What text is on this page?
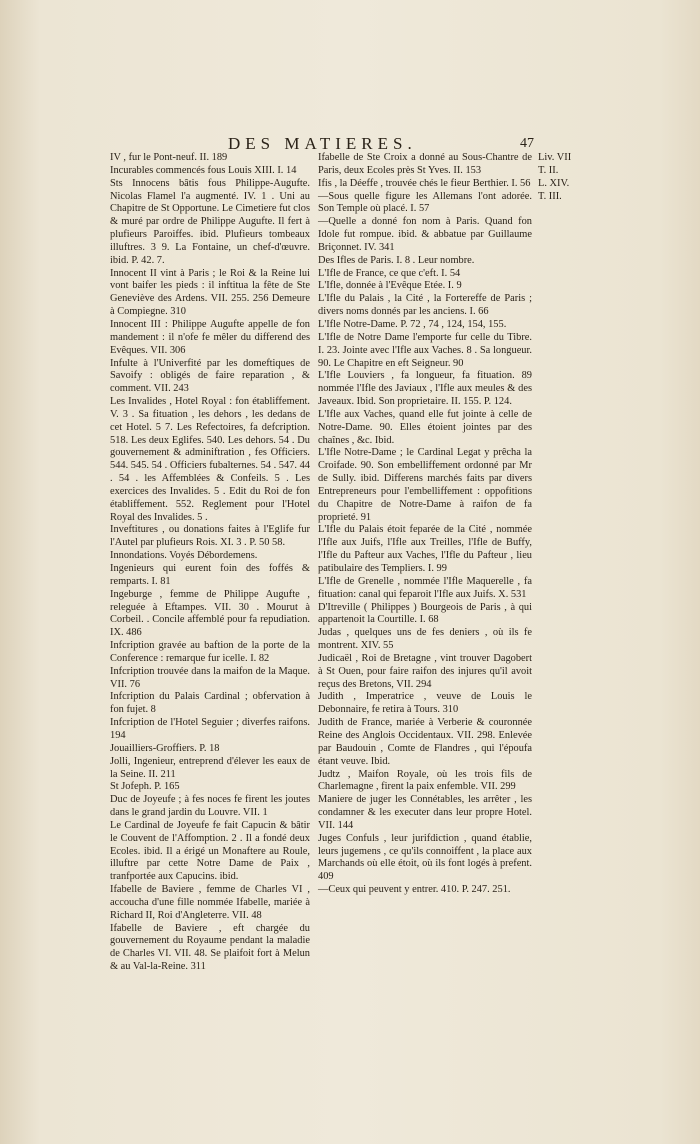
DES MATIERES.	47

IV , fur le Pont-neuf. II. 189

Incurables commencés fous Louis XIII. I. 14

Sts Innocens bâtis fous Philippe-Augufte. Nicolas Flamel l'a augmenté. IV. 1 . Uni au Chapitre de St Opportune. Le Cimetiere fut clos & muré par ordre de Philippe Augufte. Il fert à plufieurs Paroiffes. ibid. Plufieurs tombeaux illuftres. 3 9. La Fontaine, un chef-d'œuvre. ibid. P. 42. 7.

Innocent II vint à Paris ; le Roi & la Reine lui vont baifer les pieds : il inftitua la fête de Ste Geneviève des Ardens. VII. 255. 256 Demeure à Compiegne. 310

Innocent III : Philippe Augufte appelle de fon mandement : il n'ofe fe mêler du differend des Evêques. VII. 306

Infulte à l'Univerfité par les domeftiques de Savoify : obligés de faire reparation , & comment. VII. 243

Les Invalides , Hotel Royal : fon établiffement. V. 3 . Sa fituation , les dehors , les dedans de cet Hotel. 5 7. Les Refectoires, fa defcription. 518. Les deux Eglifes. 540. Les dehors. 54 . Du gouvernement & adminiftration , fes Officiers. 544. 545. 54 . Officiers fubalternes. 54 . 547. 44 . 54 . les Affemblées & Confeils. 5 . Les exercices des Invalides. 5 . Edit du Roi de fon établiffement. 552. Reglement pour l'Hotel Royal des Invalides. 5 .

Inveftitures , ou donations faites à l'Eglife fur l'Autel par plufieurs Rois. XI. 3 . P. 50 58.

Innondations. Voyés Débordemens.

Ingenieurs qui eurent foin des foffés & remparts. I. 81

Ingeburge , femme de Philippe Augufte , releguée à Eftampes. VII. 30 . Mourut à Corbeil. . Concile affemblé pour fa repudiation. IX. 486

Infcription gravée au baftion de la porte de la Conference : remarque fur icelle. I. 82

Infcription trouvée dans la maifon de la Maque. VII. 76

Infcription du Palais Cardinal ; obfervation à fon fujet. 8

Infcription de l'Hotel Seguier ; diverfes raifons. 194

Jouailliers-Groffiers. P. 18

Jolli, Ingenieur, entreprend d'élever les eaux de la Seine. II. 211

St Jofeph. P. 165

Duc de Joyeufe ; à fes noces fe firent les joutes dans le grand jardin du Louvre. VII. 1

Le Cardinal de Joyeufe fe fait Capucin & bâtir le Couvent de l'Affomption. 2 . Il a fondé deux Ecoles. ibid. Il a érigé un Monaftere au Roule, illuftre par cette Notre Dame de Paix , tranfportée aux Capucins. ibid.

Ifabelle de Baviere , femme de Charles VI , accoucha d'une fille nommée Ifabelle, mariée à Richard II, Roi d'Angleterre. VII. 48

Ifabelle de Baviere , eft chargée du gouvernement du Royaume pendant la maladie de Charles VI. VII. 48. Se plaifoit fort à Melun & au Val-la-Reine. 311

Ifabelle de Ste Croix a donné au Sous-Chantre de Paris, deux Ecoles près St Yves. II. 153

Ifis , la Déeffe , trouvée chés le fieur Berthier. I. 56

—Sous quelle figure les Allemans l'ont adorée. Son Temple où placé. I. 57

—Quelle a donné fon nom à Paris. Quand fon Idole fut rompue. ibid. & abbatue par Guillaume Briçonnet. IV. 341

Des Ifles de Paris. I. 8 . Leur nombre.

L'Ifle de France, ce que c'eft. I. 54

L'Ifle, donnée à l'Evêque Etée. I. 9

L'Ifle du Palais , la Cité , la Fortereffe de Paris ; divers noms donnés par les anciens. I. 66

L'Ifle Notre-Dame. P. 72 , 74 , 124, 154, 155.

L'Ifle de Notre Dame l'emporte fur celle du Tibre. I. 23. Jointe avec l'Ifle aux Vaches. 8 . Sa longueur. 90. Le Chapitre en eft Seigneur. 90

L'Ifle Louviers , fa longueur, fa fituation. 89 nommée l'Ifle des Javiaux , l'Ifle aux meules & des Javeaux. Ibid. Son proprietaire. II. 155. P. 124.

L'Ifle aux Vaches, quand elle fut jointe à celle de Notre-Dame. 90. Elles étoient jointes par des chaînes , &c. Ibid.

L'Ifle Notre-Dame ; le Cardinal Legat y prêcha la Croifade. 90. Son embelliffement ordonné par Mr de Sully. ibid. Differens marchés faits par divers Entrepreneurs pour l'embelliffement : oppofitions du Chapitre de Notre-Dame à raifon de fa proprieté. 91

L'Ifle du Palais étoit feparée de la Cité , nommée l'Ifle aux Juifs, l'Ifle aux Treilles, l'Ifle de Buffy, l'Ifle du Pafteur aux Vaches, l'Ifle du Pafteur , lieu patibulaire des Templiers. I. 99

L'Ifle de Grenelle , nommée l'Ifle Maquerelle , fa fituation: canal qui feparoit l'Ifle aux Juifs. X. 531

D'Itreville ( Philippes ) Bourgeois de Paris , à qui appartenoit la Courtille. I. 68

Judas , quelques uns de fes deniers , où ils fe montrent. XIV. 55

Judicaël , Roi de Bretagne , vint trouver Dagobert à St Ouen, pour faire raifon des injures qu'il avoit reçus des Bretons, VII. 294

Judith , Imperatrice , veuve de Louis le Debonnaire, fe retira à Tours. 310

Judith de France, mariée à Verberie & couronnée Reine des Anglois Occidentaux. VII. 298. Enlevée par Baudouin , Comte de Flandres , qui l'époufa étant veuve. Ibid.

Judtz , Maifon Royale, où les trois fils de Charlemagne , firent la paix enfemble. VII. 299

Maniere de juger les Connétables, les arrêter , les condamner & les executer dans leur propre Hotel. VII. 144

Juges Confuls , leur jurifdiction , quand établie, leurs jugemens , ce qu'ils connoiffent , la place aux Marchands où elle étoit, où ils font logés à prefent. 409

—Ceux qui peuvent y entrer. 410. P. 247. 251.

Liv. VII
T. II.
L. XIV.
T. III.
